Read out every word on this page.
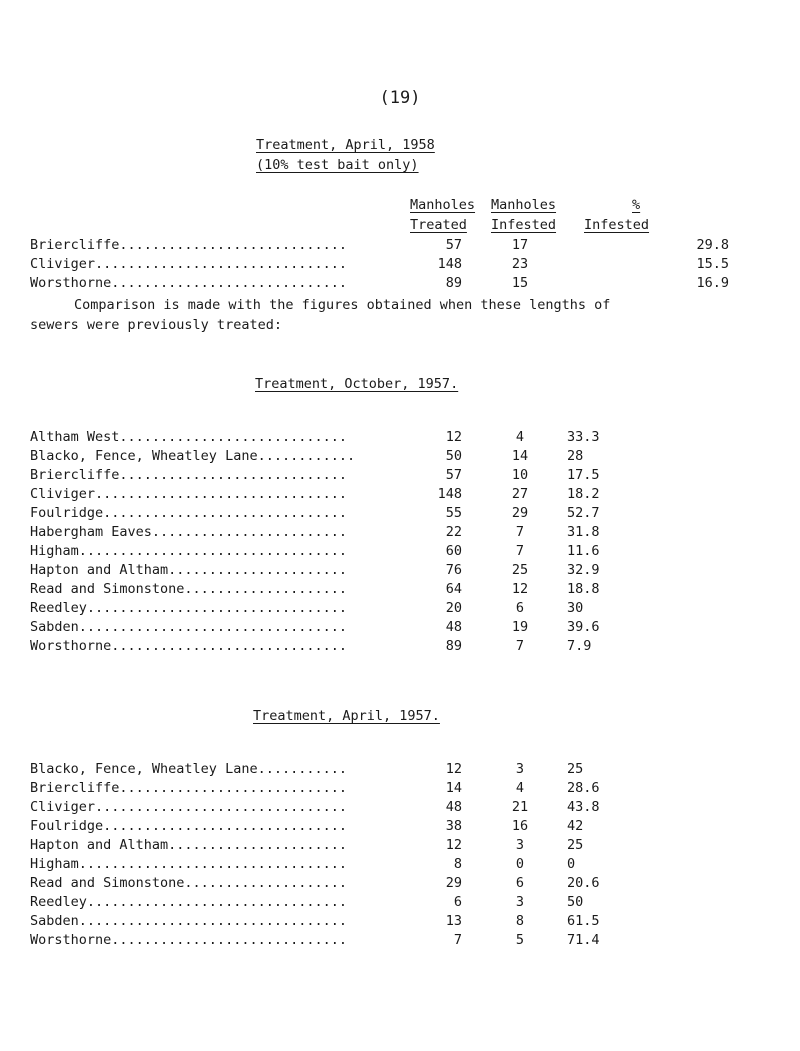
(19)
Treatment, April, 1958
(10% test bait only)
Manholes
Treated
Manholes
Infested
%
Infested
Briercliffe............................	57	17	29.8
Cliviger...............................	148	23	15.5
Worsthorne.............................	89	15	16.9
Comparison is made with the figures obtained when these lengths of
sewers were previously treated:
Treatment, October, 1957.
Altham West............................	12	4	33.3
Blacko, Fence, Wheatley Lane............	50	14	28
Briercliffe............................	57	10	17.5
Cliviger...............................	148	27	18.2
Foulridge..............................	55	29	52.7
Habergham Eaves........................	22	7	31.8
Higham.................................	60	7	11.6
Hapton and Altham......................	76	25	32.9
Read and Simonstone....................	64	12	18.8
Reedley................................	20	6	30
Sabden.................................	48	19	39.6
Worsthorne.............................	89	7	7.9
Treatment, April, 1957.
Blacko, Fence, Wheatley Lane...........	12	3	25
Briercliffe............................	14	4	28.6
Cliviger...............................	48	21	43.8
Foulridge..............................	38	16	42
Hapton and Altham......................	12	3	25
Higham.................................	8	0	0
Read and Simonstone....................	29	6	20.6
Reedley................................	6	3	50
Sabden.................................	13	8	61.5
Worsthorne.............................	7	5	71.4
